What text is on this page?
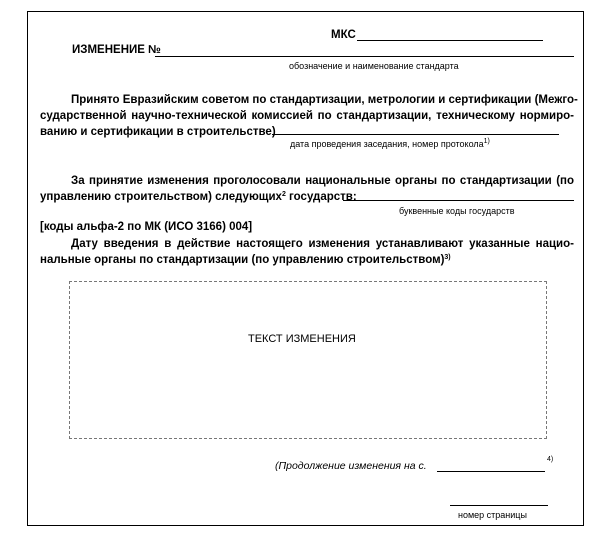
МКС
ИЗМЕНЕНИЕ №
обозначение и наименование стандарта
Принято Евразийским советом по стандартизации, метрологии и сертификации (Межго-
сударственной научно-технической комиссией по стандартизации, техническому нормиро-
ванию и сертификации в строительстве)
дата проведения заседания, номер протокола$^{1)}$
За принятие изменения проголосовали национальные органы по стандартизации (по
управлению строительством) следующих$^2$ государств:
буквенные коды государств
[коды альфа-2 по МК (ИСО 3166) 004]
Дату введения в действие настоящего изменения устанавливают указанные нацио-
нальные органы по стандартизации (по управлению строительством)$^{3)}$
ТЕКСТ ИЗМЕНЕНИЯ
(Продолжение изменения на с.
4)
номер страницы
